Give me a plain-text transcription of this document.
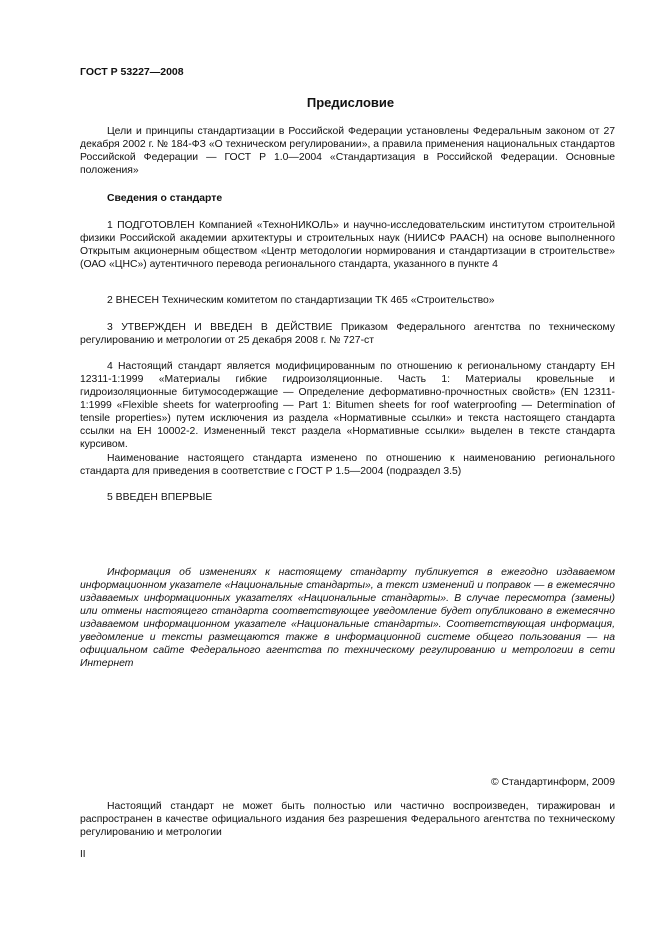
ГОСТ Р 53227—2008
Предисловие
Цели и принципы стандартизации в Российской Федерации установлены Федеральным законом от 27 декабря 2002 г. № 184-ФЗ «О техническом регулировании», а правила применения национальных стандартов Российской Федерации — ГОСТ Р 1.0—2004 «Стандартизация в Российской Федерации. Основные положения»
Сведения о стандарте
1 ПОДГОТОВЛЕН Компанией «ТехноНИКОЛЬ» и научно-исследовательским институтом строительной физики Российской академии архитектуры и строительных наук (НИИСФ РААСН) на основе выполненного Открытым акционерным обществом «Центр методологии нормирования и стандартизации в строительстве» (ОАО «ЦНС») аутентичного перевода регионального стандарта, указанного в пункте 4
2 ВНЕСЕН Техническим комитетом по стандартизации ТК 465 «Строительство»
3 УТВЕРЖДЕН И ВВЕДЕН В ДЕЙСТВИЕ Приказом Федерального агентства по техническому регулированию и метрологии от 25 декабря 2008 г. № 727-ст
4 Настоящий стандарт является модифицированным по отношению к региональному стандарту ЕН 12311-1:1999 «Материалы гибкие гидроизоляционные. Часть 1: Материалы кровельные и гидроизоляционные битумосодержащие — Определение деформативно-прочностных свойств» (EN 12311-1:1999 «Flexible sheets for waterproofing — Part 1: Bitumen sheets for roof waterproofing — Determination of tensile properties») путем исключения из раздела «Нормативные ссылки» и текста настоящего стандарта ссылки на ЕН 10002-2. Измененный текст раздела «Нормативные ссылки» выделен в тексте стандарта курсивом.
Наименование настоящего стандарта изменено по отношению к наименованию регионального стандарта для приведения в соответствие с ГОСТ Р 1.5—2004 (подраздел 3.5)
5 ВВЕДЕН ВПЕРВЫЕ
Информация об изменениях к настоящему стандарту публикуется в ежегодно издаваемом информационном указателе «Национальные стандарты», а текст изменений и поправок — в ежемесячно издаваемых информационных указателях «Национальные стандарты». В случае пересмотра (замены) или отмены настоящего стандарта соответствующее уведомление будет опубликовано в ежемесячно издаваемом информационном указателе «Национальные стандарты». Соответствующая информация, уведомление и тексты размещаются также в информационной системе общего пользования — на официальном сайте Федерального агентства по техническому регулированию и метрологии в сети Интернет
© Стандартинформ, 2009
Настоящий стандарт не может быть полностью или частично воспроизведен, тиражирован и распространен в качестве официального издания без разрешения Федерального агентства по техническому регулированию и метрологии
II
